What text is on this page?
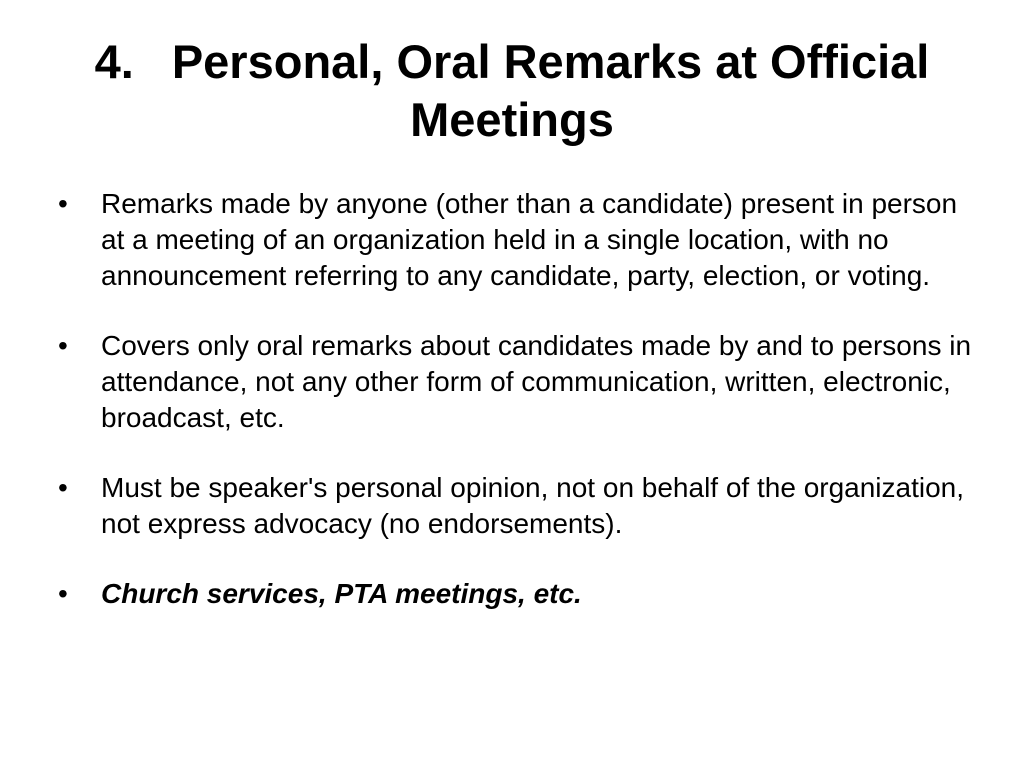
4. Personal, Oral Remarks at Official Meetings
•	Remarks made by anyone (other than a candidate) present in person at a meeting of an organization held in a single location, with no announcement referring to any candidate, party, election, or voting.
•	Covers only oral remarks about candidates made by and to persons in attendance, not any other form of communication, written, electronic, broadcast, etc.
•	Must be speaker's personal opinion, not on behalf of the organization, not express advocacy (no endorsements).
•	Church services, PTA meetings, etc.
